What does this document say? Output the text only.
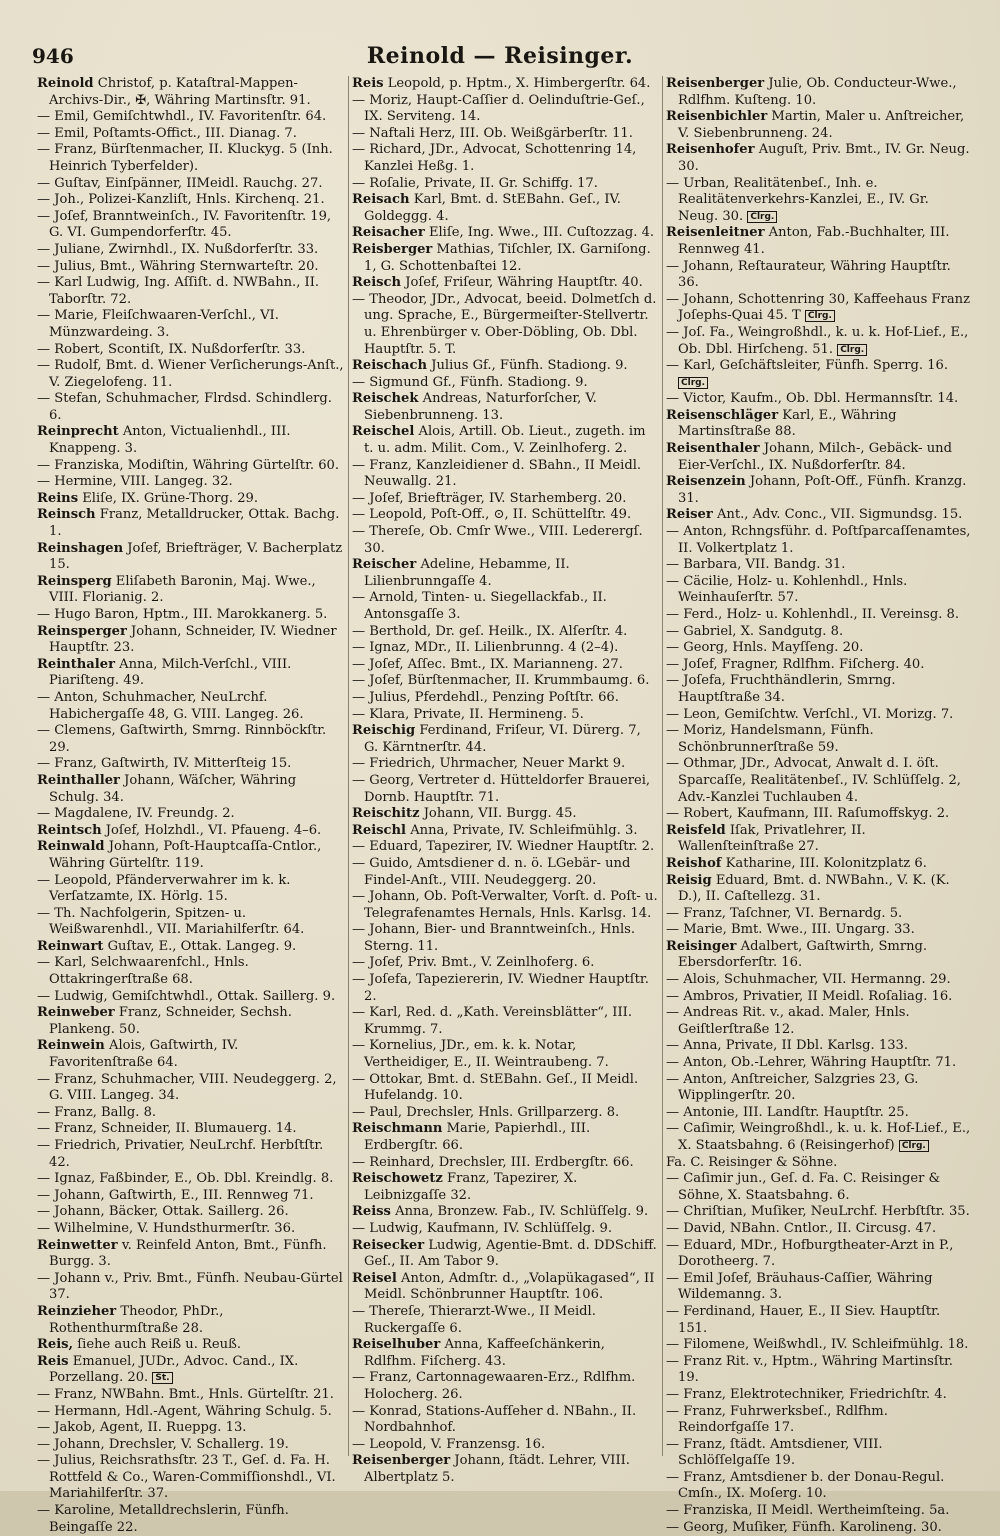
946	Reinold — Reisinger.

Reinold Christof, p. Kataſtral-Mappen-Archivs-Dir., ✠, Währing Martinsſtr. 91.

— Emil, Gemiſchtwhdl., IV. Favoritenſtr. 64.

— Emil, Poſtamts-Offict., III. Dianag. 7.

— Franz, Bürſtenmacher, II. Kluckyg. 5 (Inh. Heinrich Tyberfelder).

— Guſtav, Einſpänner, IIMeidl. Rauchg. 27.

— Joh., Polizei-Kanzliſt, Hnls. Kirchenq. 21.

— Joſef, Branntweinſch., IV. Favoritenſtr. 19, G. VI. Gumpendorferſtr. 45.

— Juliane, Zwirnhdl., IX. Nußdorferſtr. 33.

— Julius, Bmt., Währing Sternwarteſtr. 20.

— Karl Ludwig, Ing. Aſſiſt. d. NWBahn., II. Taborſtr. 72.

— Marie, Fleiſchwaaren-Verſchl., VI. Münzwardeing. 3.

— Robert, Scontiſt, IX. Nußdorferſtr. 33.

— Rudolf, Bmt. d. Wiener Verſicherungs-Anſt., V. Ziegelofeng. 11.

— Stefan, Schuhmacher, Flrdsd. Schindlerg. 6.

Reinprecht Anton, Victualienhdl., III. Knappeng. 3.

— Franziska, Modiſtin, Währing Gürtelſtr. 60.

— Hermine, VIII. Langeg. 32.

Reins Eliſe, IX. Grüne-Thorg. 29.

Reinsch Franz, Metalldrucker, Ottak. Bachg. 1.

Reinshagen Joſef, Briefträger, V. Bacherplatz 15.

Reinsperg Eliſabeth Baronin, Maj. Wwe., VIII. Florianig. 2.

— Hugo Baron, Hptm., III. Marokkanerg. 5.

Reinsperger Johann, Schneider, IV. Wiedner Hauptſtr. 23.

Reinthaler Anna, Milch-Verſchl., VIII. Piariſteng. 49.

— Anton, Schuhmacher, NeuLrchf. Habichergaſſe 48, G. VIII. Langeg. 26.

— Clemens, Gaſtwirth, Smrng. Rinnböckſtr. 29.

— Franz, Gaſtwirth, IV. Mitterſteig 15.

Reinthaller Johann, Wäſcher, Währing Schulg. 34.

— Magdalene, IV. Freundg. 2.

Reintsch Joſef, Holzhdl., VI. Pfaueng. 4–6.

Reinwald Johann, Poſt-Hauptcaſſa-Cntlor., Währing Gürtelſtr. 119.

— Leopold, Pfänderverwahrer im k. k. Verſatzamte, IX. Hörlg. 15.

— Th. Nachfolgerin, Spitzen- u. Weißwarenhdl., VII. Mariahilferſtr. 64.

Reinwart Guſtav, E., Ottak. Langeg. 9.

— Karl, Selchwaarenfchl., Hnls. Ottakringerſtraße 68.

— Ludwig, Gemiſchtwhdl., Ottak. Saillerg. 9.

Reinweber Franz, Schneider, Sechsh. Plankeng. 50.

Reinwein Alois, Gaſtwirth, IV. Favoritenſtraße 64.

— Franz, Schuhmacher, VIII. Neudeggerg. 2, G. VIII. Langeg. 34.

— Franz, Ballg. 8.

— Franz, Schneider, II. Blumauerg. 14.

— Friedrich, Privatier, NeuLrchf. Herbſtſtr. 42.

— Ignaz, Faßbinder, E., Ob. Dbl. Kreindlg. 8.

— Johann, Gaſtwirth, E., III. Rennweg 71.

— Johann, Bäcker, Ottak. Saillerg. 26.

— Wilhelmine, V. Hundsthurmerſtr. 36.

Reinwetter v. Reinfeld Anton, Bmt., Fünfh. Burgg. 3.

— Johann v., Priv. Bmt., Fünfh. Neubau-Gürtel 37.

Reinzieher Theodor, PhDr., Rothenthurmſtraße 28.

Reis, ſiehe auch Reiß u. Reuß.

Reis Emanuel, JUDr., Advoc. Cand., IX. Porzellang. 20. St.

— Franz, NWBahn. Bmt., Hnls. Gürtelſtr. 21.

— Hermann, Hdl.-Agent, Währing Schulg. 5.

— Jakob, Agent, II. Rueppg. 13.

— Johann, Drechsler, V. Schallerg. 19.

— Julius, Reichsrathsſtr. 23 T., Geſ. d. Fa. H. Rottfeld & Co., Waren-Commiſſionshdl., VI. Mariahilferſtr. 37.

— Karoline, Metalldrechslerin, Fünfh. Beingaſſe 22.

Reis Leopold, p. Hptm., X. Himbergerſtr. 64.

— Moriz, Haupt-Caſſier d. Oelinduſtrie-Geſ., IX. Serviteng. 14.

— Naftali Herz, III. Ob. Weißgärberſtr. 11.

— Richard, JDr., Advocat, Schottenring 14, Kanzlei Heßg. 1.

— Roſalie, Private, II. Gr. Schiffg. 17.

Reisach Karl, Bmt. d. StEBahn. Geſ., IV. Goldeggg. 4.

Reisacher Eliſe, Ing. Wwe., III. Cuſtozzag. 4.

Reisberger Mathias, Tiſchler, IX. Garniſong. 1, G. Schottenbaſtei 12.

Reisch Joſef, Friſeur, Währing Hauptſtr. 40.

— Theodor, JDr., Advocat, beeid. Dolmetſch d. ung. Sprache, E., Bürgermeiſter-Stellvertr. u. Ehrenbürger v. Ober-Döbling, Ob. Dbl. Hauptſtr. 5. T.

Reischach Julius Gf., Fünfh. Stadiong. 9.

— Sigmund Gf., Fünfh. Stadiong. 9.

Reischek Andreas, Naturforſcher, V. Siebenbrunneng. 13.

Reischel Alois, Artill. Ob. Lieut., zugeth. im t. u. adm. Milit. Com., V. Zeinlhoferg. 2.

— Franz, Kanzleidiener d. SBahn., II Meidl. Neuwallg. 21.

— Joſef, Briefträger, IV. Starhemberg. 20.

— Leopold, Poſt-Off., ⊙, II. Schüttelſtr. 49.

— Thereſe, Ob. Cmſr Wwe., VIII. Lederergſ. 30.

Reischer Adeline, Hebamme, II. Lilienbrunngaſſe 4.

— Arnold, Tinten- u. Siegellackfab., II. Antonsgaſſe 3.

— Berthold, Dr. geſ. Heilk., IX. Alſerſtr. 4.

— Ignaz, MDr., II. Lilienbrunng. 4 (2–4).

— Joſef, Aſſec. Bmt., IX. Marianneng. 27.

— Joſef, Bürſtenmacher, II. Krummbaumg. 6.

— Julius, Pferdehdl., Penzing Poſtſtr. 66.

— Klara, Private, II. Hermineng. 5.

Reischig Ferdinand, Friſeur, VI. Dürerg. 7, G. Kärntnerſtr. 44.

— Friedrich, Uhrmacher, Neuer Markt 9.

— Georg, Vertreter d. Hütteldorfer Brauerei, Dornb. Hauptſtr. 71.

Reischitz Johann, VII. Burgg. 45.

Reischl Anna, Private, IV. Schleifmühlg. 3.

— Eduard, Tapezirer, IV. Wiedner Hauptſtr. 2.

— Guido, Amtsdiener d. n. ö. LGebär- und Findel-Anſt., VIII. Neudeggerg. 20.

— Johann, Ob. Poſt-Verwalter, Vorſt. d. Poſt- u. Telegrafenamtes Hernals, Hnls. Karlsg. 14.

— Johann, Bier- und Branntweinſch., Hnls. Sterng. 11.

— Joſef, Priv. Bmt., V. Zeinlhoferg. 6.

— Joſefa, Tapeziererin, IV. Wiedner Hauptſtr. 2.

— Karl, Red. d. „Kath. Vereinsblätter“, III. Krummg. 7.

— Kornelius, JDr., em. k. k. Notar, Vertheidiger, E., II. Weintraubeng. 7.

— Ottokar, Bmt. d. StEBahn. Geſ., II Meidl. Hufelandg. 10.

— Paul, Drechsler, Hnls. Grillparzerg. 8.

Reischmann Marie, Papierhdl., III. Erdbergſtr. 66.

— Reinhard, Drechsler, III. Erdbergſtr. 66.

Reischowetz Franz, Tapezirer, X. Leibnizgaſſe 32.

Reiss Anna, Bronzew. Fab., IV. Schlüſſelg. 9.

— Ludwig, Kaufmann, IV. Schlüſſelg. 9.

Reisecker Ludwig, Agentie-Bmt. d. DDSchiff. Geſ., II. Am Tabor 9.

Reisel Anton, Admſtr. d., „Volapükagased“, II Meidl. Schönbrunner Hauptſtr. 106.

— Thereſe, Thierarzt-Wwe., II Meidl. Ruckergaſſe 6.

Reiselhuber Anna, Kaffeeſchänkerin, Rdlfhm. Fiſcherg. 43.

— Franz, Cartonnagewaaren-Erz., Rdlfhm. Holocherg. 26.

— Konrad, Stations-Aufſeher d. NBahn., II. Nordbahnhof.

— Leopold, V. Franzensg. 16.

Reisenberger Johann, ſtädt. Lehrer, VIII. Albertplatz 5.

Reisenberger Julie, Ob. Conducteur-Wwe., Rdlfhm. Kuſteng. 10.

Reisenbichler Martin, Maler u. Anſtreicher, V. Siebenbrunneng. 24.

Reisenhofer Auguſt, Priv. Bmt., IV. Gr. Neug. 30.

— Urban, Realitätenbeſ., Inh. e. Realitätenverkehrs-Kanzlei, E., IV. Gr. Neug. 30. Clrg.

Reisenleitner Anton, Fab.-Buchhalter, III. Rennweg 41.

— Johann, Reſtaurateur, Währing Hauptſtr. 36.

— Johann, Schottenring 30, Kaffeehaus Franz Joſephs-Quai 45. T Clrg.

— Joſ. Fa., Weingroßhdl., k. u. k. Hof-Lief., E., Ob. Dbl. Hirſcheng. 51. Clrg.

— Karl, Geſchäftsleiter, Fünfh. Sperrg. 16. Clrg.

— Victor, Kaufm., Ob. Dbl. Hermannsſtr. 14.

Reisenschläger Karl, E., Währing Martinsſtraße 88.

Reisenthaler Johann, Milch-, Gebäck- und Eier-Verſchl., IX. Nußdorferſtr. 84.

Reisenzein Johann, Poſt-Off., Fünfh. Kranzg. 31.

Reiser Ant., Adv. Conc., VII. Sigmundsg. 15.

— Anton, Rchngsführ. d. Poſtſparcaſſenamtes, II. Volkertplatz 1.

— Barbara, VII. Bandg. 31.

— Cäcilie, Holz- u. Kohlenhdl., Hnls. Weinhauſerſtr. 57.

— Ferd., Holz- u. Kohlenhdl., II. Vereinsg. 8.

— Gabriel, X. Sandgutg. 8.

— Georg, Hnls. Mayſſeng. 20.

— Joſef, Fragner, Rdlfhm. Fiſcherg. 40.

— Joſefa, Fruchthändlerin, Smrng. Hauptſtraße 34.

— Leon, Gemiſchtw. Verſchl., VI. Morizg. 7.

— Moriz, Handelsmann, Fünfh. Schönbrunnerſtraße 59.

— Othmar, JDr., Advocat, Anwalt d. I. öſt. Sparcaſſe, Realitätenbeſ., IV. Schlüſſelg. 2, Adv.-Kanzlei Tuchlauben 4.

— Robert, Kaufmann, III. Raſumoffskyg. 2.

Reisfeld Iſak, Privatlehrer, II. Wallenſteinſtraße 27.

Reishof Katharine, III. Kolonitzplatz 6.

Reisig Eduard, Bmt. d. NWBahn., V. K. (K. D.), II. Caſtellezg. 31.

— Franz, Taſchner, VI. Bernardg. 5.

— Marie, Bmt. Wwe., III. Ungarg. 33.

Reisinger Adalbert, Gaſtwirth, Smrng. Ebersdorferſtr. 16.

— Alois, Schuhmacher, VII. Hermanng. 29.

— Ambros, Privatier, II Meidl. Roſaliag. 16.

— Andreas Rit. v., akad. Maler, Hnls. Geiſtlerſtraße 12.

— Anna, Private, II Dbl. Karlsg. 133.

— Anton, Ob.-Lehrer, Währing Hauptſtr. 71.

— Anton, Anſtreicher, Salzgries 23, G. Wipplingerſtr. 20.

— Antonie, III. Landſtr. Hauptſtr. 25.

— Caſimir, Weingroßhdl., k. u. k. Hof-Lief., E., X. Staatsbahng. 6 (Reisingerhof) Clrg.

Fa. C. Reisinger & Söhne.

— Caſimir jun., Geſ. d. Fa. C. Reisinger & Söhne, X. Staatsbahng. 6.

— Chriſtian, Muſiker, NeuLrchf. Herbſtſtr. 35.

— David, NBahn. Cntlor., II. Circusg. 47.

— Eduard, MDr., Hofburgtheater-Arzt in P., Dorotheerg. 7.

— Emil Joſef, Bräuhaus-Caſſier, Währing Wildemanng. 3.

— Ferdinand, Hauer, E., II Siev. Hauptſtr. 151.

— Filomene, Weißwhdl., IV. Schleifmühlg. 18.

— Franz Rit. v., Hptm., Währing Martinsſtr. 19.

— Franz, Elektrotechniker, Friedrichſtr. 4.

— Franz, Fuhrwerksbeſ., Rdlfhm. Reindorfgaſſe 17.

— Franz, ſtädt. Amtsdiener, VIII. Schlöſſelgaſſe 19.

— Franz, Amtsdiener b. der Donau-Regul. Cmſn., IX. Moſerg. 10.

— Franziska, II Meidl. Wertheimſteing. 5a.

— Georg, Muſiker, Fünfh. Karolineng. 30.
